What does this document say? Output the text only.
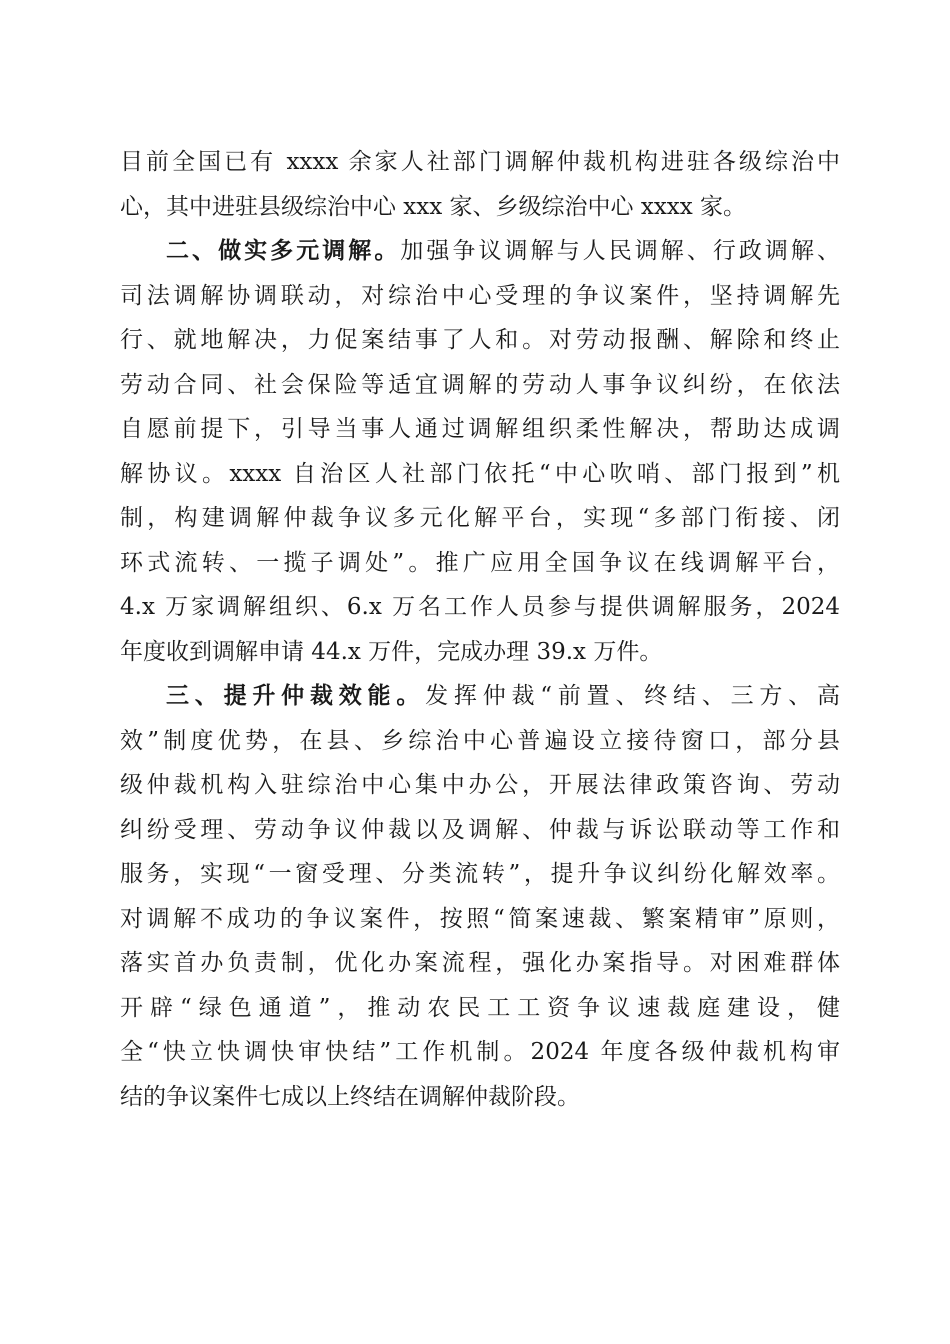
目前全国已有 xxxx 余家人社部门调解仲裁机构进驻各级综治中
心，其中进驻县级综治中心 xxx 家、乡级综治中心 xxxx 家。
二、做实多元调解。加强争议调解与人民调解、行政调解、
司法调解协调联动，对综治中心受理的争议案件，坚持调解先
行、就地解决，力促案结事了人和。对劳动报酬、解除和终止
劳动合同、社会保险等适宜调解的劳动人事争议纠纷，在依法
自愿前提下，引导当事人通过调解组织柔性解决，帮助达成调
解协议。xxxx 自治区人社部门依托“中心吹哨、部门报到”机
制，构建调解仲裁争议多元化解平台，实现“多部门衔接、闭
环式流转、一揽子调处”。推广应用全国争议在线调解平台，
4.x 万家调解组织、6.x 万名工作人员参与提供调解服务，2024
年度收到调解申请 44.x 万件，完成办理 39.x 万件。
三、提升仲裁效能。发挥仲裁“前置、终结、三方、高
效”制度优势，在县、乡综治中心普遍设立接待窗口，部分县
级仲裁机构入驻综治中心集中办公，开展法律政策咨询、劳动
纠纷受理、劳动争议仲裁以及调解、仲裁与诉讼联动等工作和
服务，实现“一窗受理、分类流转”，提升争议纠纷化解效率。
对调解不成功的争议案件，按照“简案速裁、繁案精审”原则，
落实首办负责制，优化办案流程，强化办案指导。对困难群体
开辟“绿色通道”，推动农民工工资争议速裁庭建设，健
全“快立快调快审快结”工作机制。2024 年度各级仲裁机构审
结的争议案件七成以上终结在调解仲裁阶段。
